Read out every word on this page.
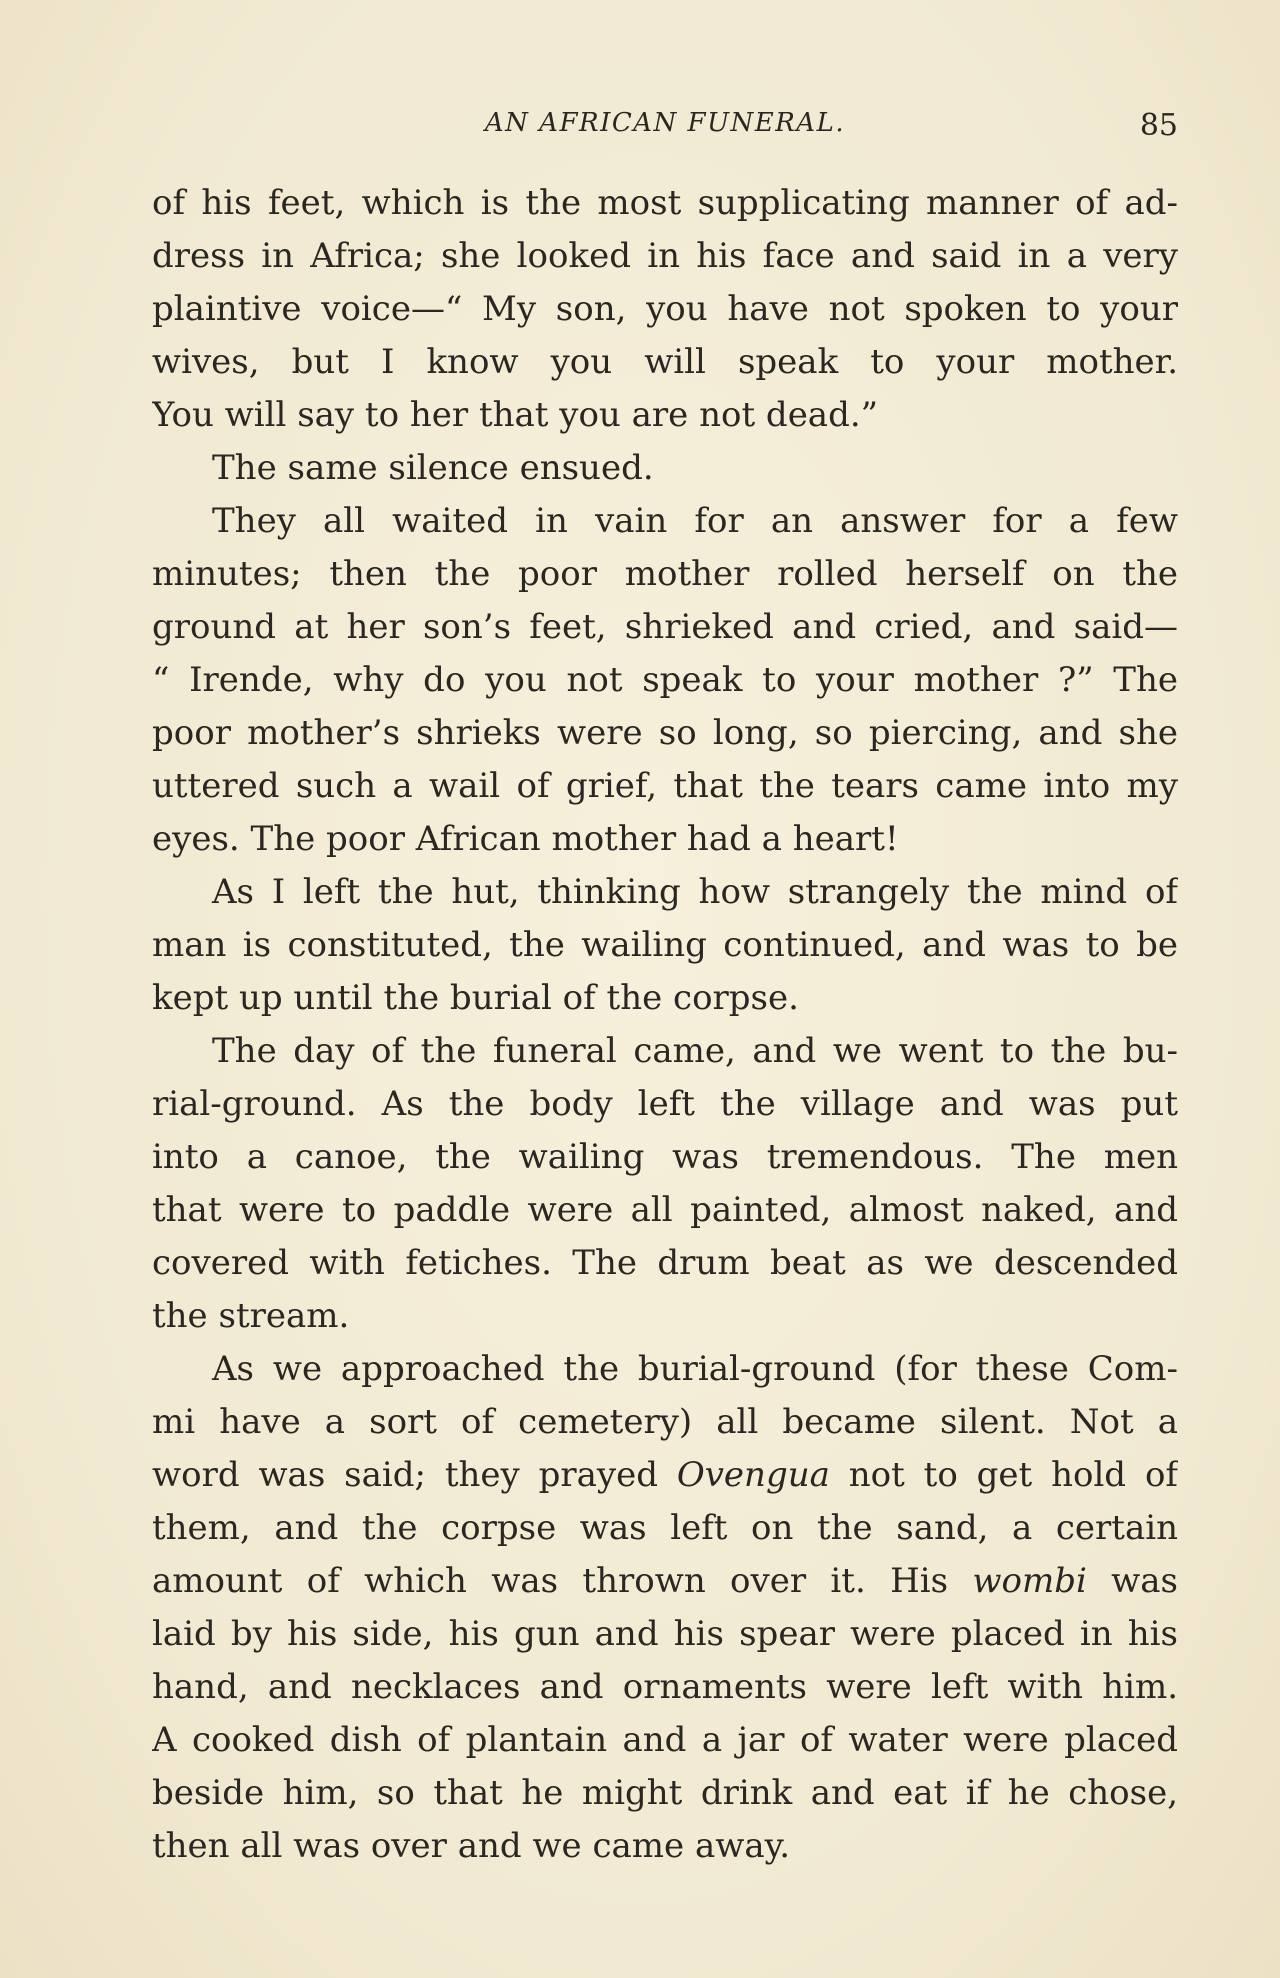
AN AFRICAN FUNERAL.	85
of his feet, which is the most supplicating manner of ad-
dress in Africa; she looked in his face and said in a very
plaintive voice—“ My son, you have not spoken to your
wives, but I know you will speak to your mother.
You will say to her that you are not dead.”
The same silence ensued.
They all waited in vain for an answer for a few
minutes; then the poor mother rolled herself on the
ground at her son’s feet, shrieked and cried, and said—
“ Irende, why do you not speak to your mother ?” The
poor mother’s shrieks were so long, so piercing, and she
uttered such a wail of grief, that the tears came into my
eyes. The poor African mother had a heart!
As I left the hut, thinking how strangely the mind of
man is constituted, the wailing continued, and was to be
kept up until the burial of the corpse.
The day of the funeral came, and we went to the bu-
rial-ground. As the body left the village and was put
into a canoe, the wailing was tremendous. The men
that were to paddle were all painted, almost naked, and
covered with fetiches. The drum beat as we descended
the stream.
As we approached the burial-ground (for these Com-
mi have a sort of cemetery) all became silent. Not a
word was said; they prayed Ovengua not to get hold of
them, and the corpse was left on the sand, a certain
amount of which was thrown over it. His wombi was
laid by his side, his gun and his spear were placed in his
hand, and necklaces and ornaments were left with him.
A cooked dish of plantain and a jar of water were placed
beside him, so that he might drink and eat if he chose,
then all was over and we came away.
